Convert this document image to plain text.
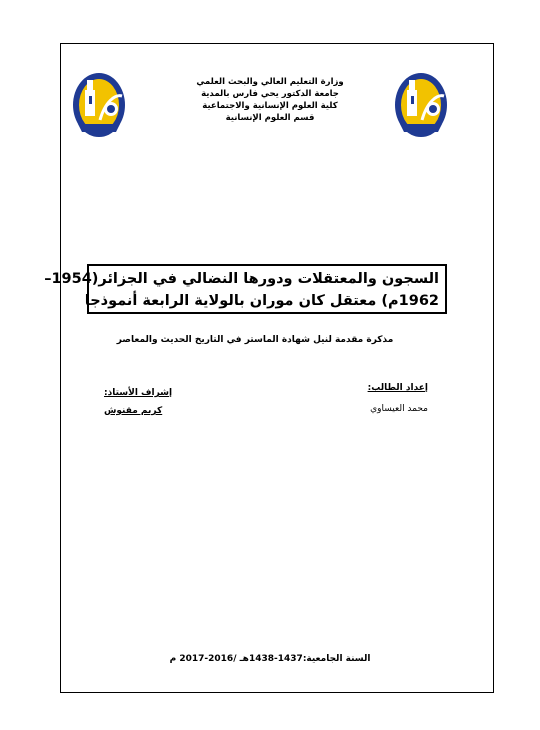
وزارة التعليم العالي والبحث العلمي
جامعة الدكتور يحي فارس بالمدية
كلية العلوم الإنسانية والاجتماعية
قسم العلوم الإنسانية
السجون والمعتقلات ودورها النضالي في الجزائر(1954–
1962م) معتقل كان موران بالولاية الرابعة أنموذجا
مذكرة مقدمة لنيل شهادة الماستر في التاريخ الحديث والمعاصر
إعداد الطالب:
محمد العيساوي
إشراف الأستاذ:
كريم مقنوش
السنة الجامعية:1437-1438هـ /2016-2017 م
